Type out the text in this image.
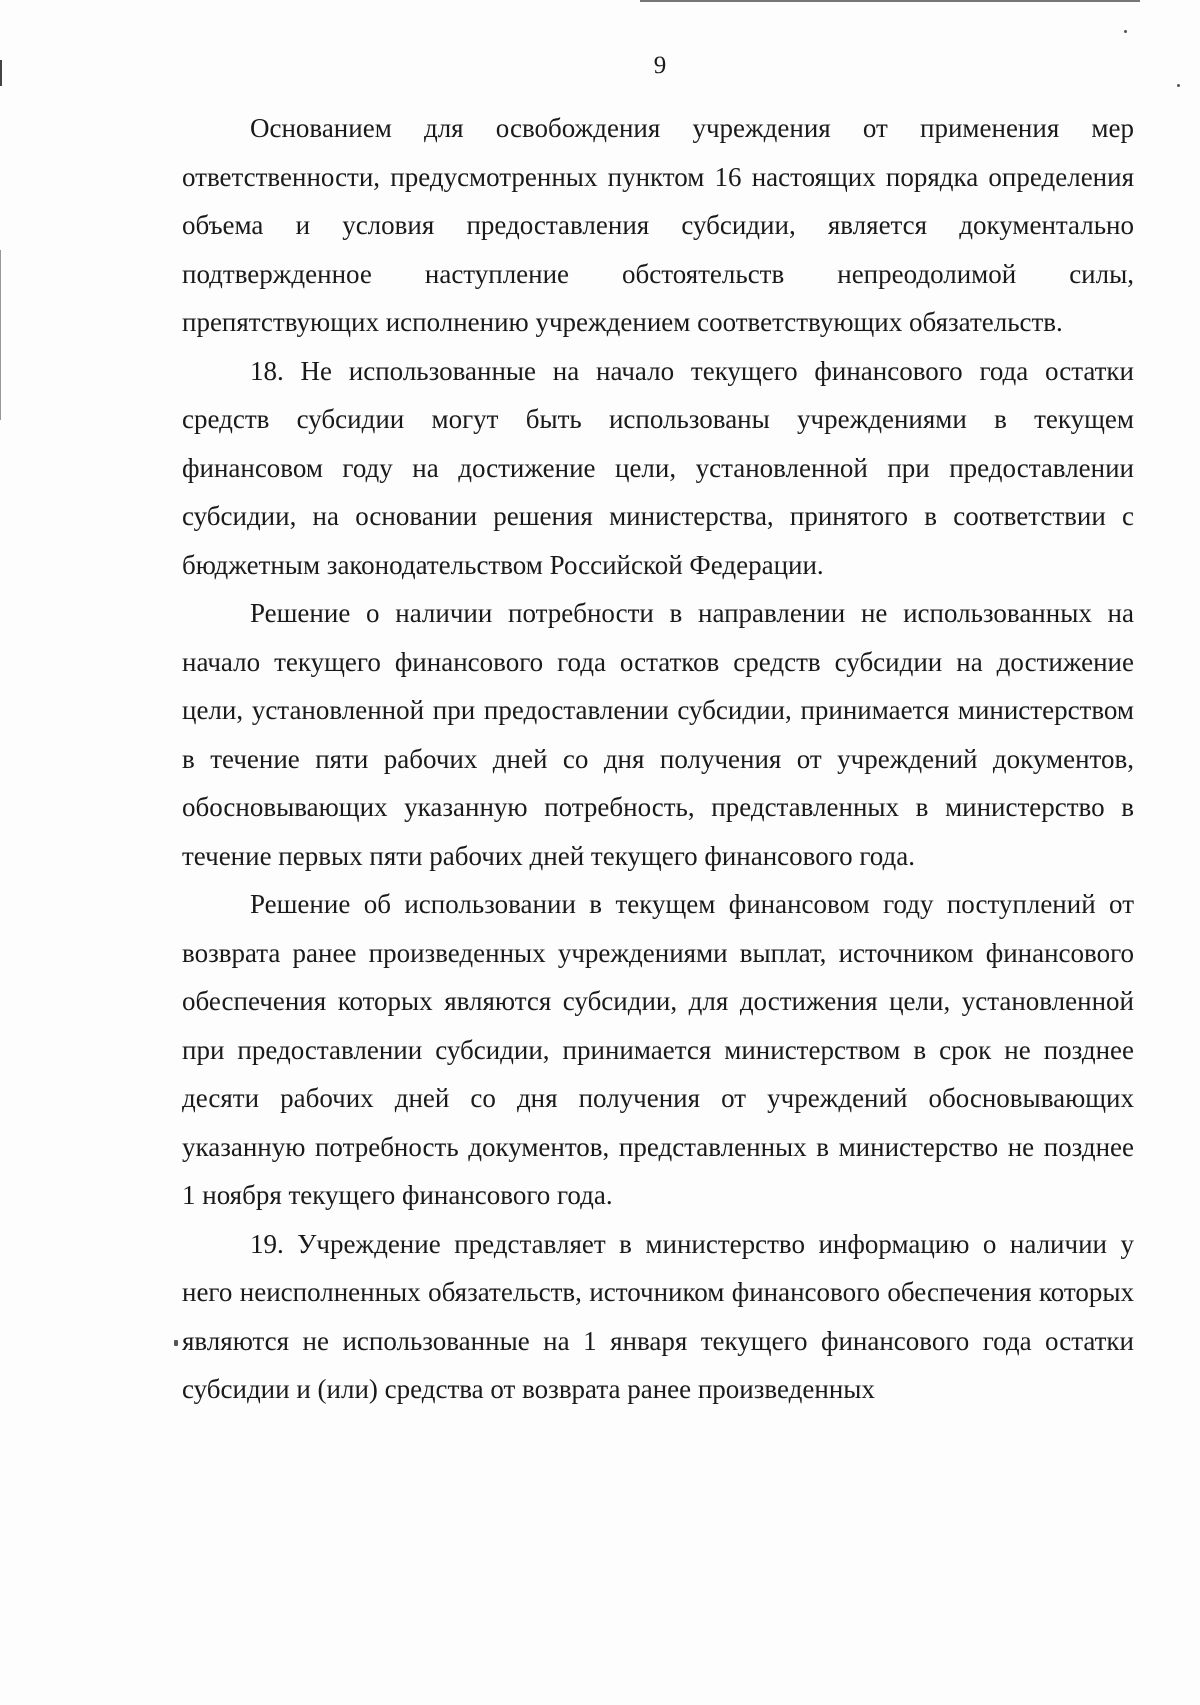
9

Основанием для освобождения учреждения от применения мер ответственности, предусмотренных пунктом 16 настоящих порядка определения объема и условия предоставления субсидии, является документально подтвержденное наступление обстоятельств непреодолимой силы, препятствующих исполнению учреждением соответствующих обязательств.

18. Не использованные на начало текущего финансового года остатки средств субсидии могут быть использованы учреждениями в текущем финансовом году на достижение цели, установленной при предоставлении субсидии, на основании решения министерства, принятого в соответствии с бюджетным законодательством Российской Федерации.

Решение о наличии потребности в направлении не использованных на начало текущего финансового года остатков средств субсидии на достижение цели, установленной при предоставлении субсидии, принимается министерством в течение пяти рабочих дней со дня получения от учреждений документов, обосновывающих указанную потребность, представленных в министерство в течение первых пяти рабочих дней текущего финансового года.

Решение об использовании в текущем финансовом году поступлений от возврата ранее произведенных учреждениями выплат, источником финансового обеспечения которых являются субсидии, для достижения цели, установленной при предоставлении субсидии, принимается министерством в срок не позднее десяти рабочих дней со дня получения от учреждений обосновывающих указанную потребность документов, представленных в министерство не позднее 1 ноября текущего финансового года.

19. Учреждение представляет в министерство информацию о наличии у него неисполненных обязательств, источником финансового обеспечения которых являются не использованные на 1 января текущего финансового года остатки субсидии и (или) средства от возврата ранее произведенных
